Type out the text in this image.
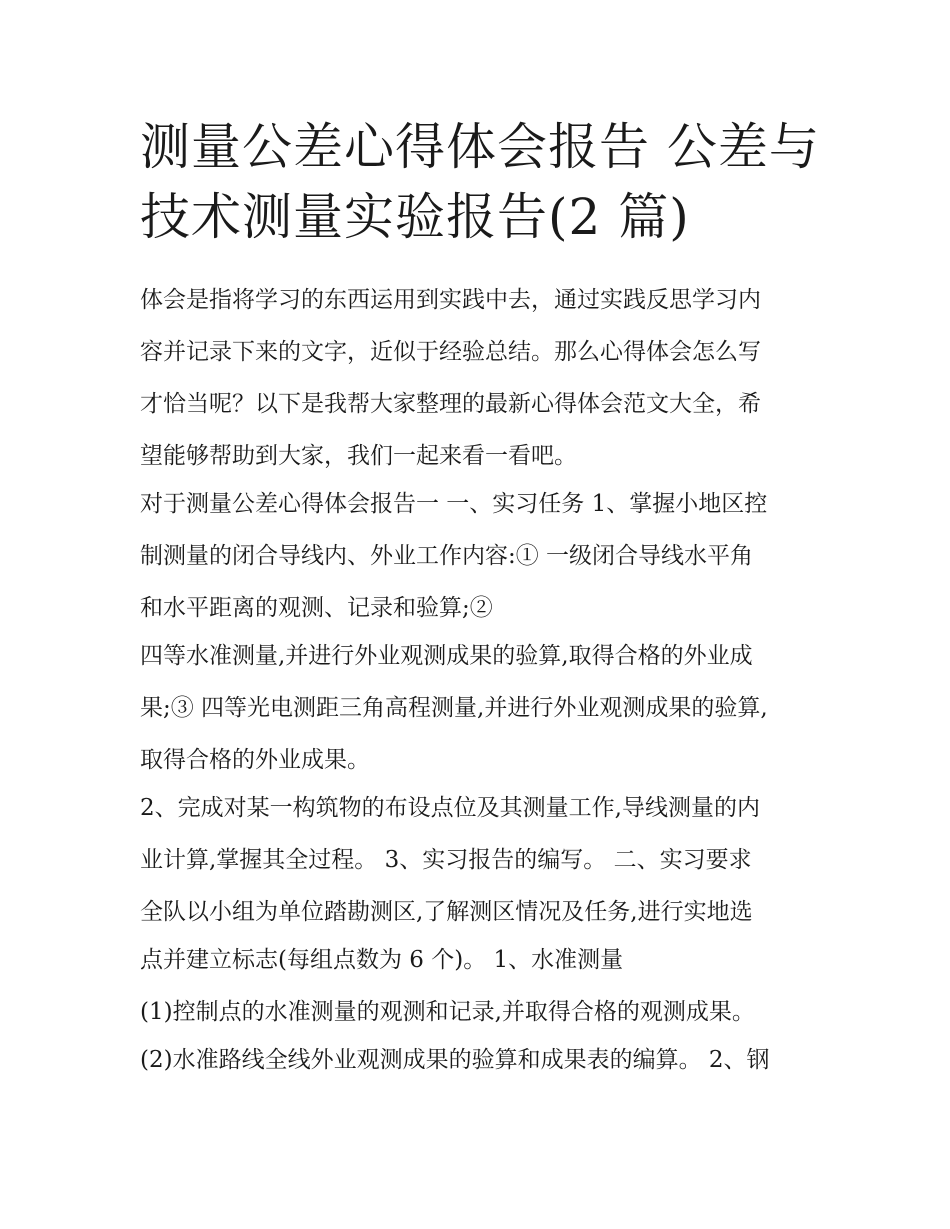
测量公差心得体会报告 公差与
技术测量实验报告(2 篇)

体会是指将学习的东西运用到实践中去，通过实践反思学习内

容并记录下来的文字，近似于经验总结。那么心得体会怎么写

才恰当呢？以下是我帮大家整理的最新心得体会范文大全，希

望能够帮助到大家，我们一起来看一看吧。

对于测量公差心得体会报告一 一、实习任务 1、掌握小地区控

制测量的闭合导线内、外业工作内容:① 一级闭合导线水平角

和水平距离的观测、记录和验算;②

四等水准测量,并进行外业观测成果的验算,取得合格的外业成

果;③ 四等光电测距三角高程测量,并进行外业观测成果的验算,

取得合格的外业成果。

2、完成对某一构筑物的布设点位及其测量工作,导线测量的内

业计算,掌握其全过程。 3、实习报告的编写。 二、实习要求

全队以小组为单位踏勘测区,了解测区情况及任务,进行实地选

点并建立标志(每组点数为 6 个)。 1、水准测量

(1)控制点的水准测量的观测和记录,并取得合格的观测成果。

(2)水准路线全线外业观测成果的验算和成果表的编算。 2、钢
